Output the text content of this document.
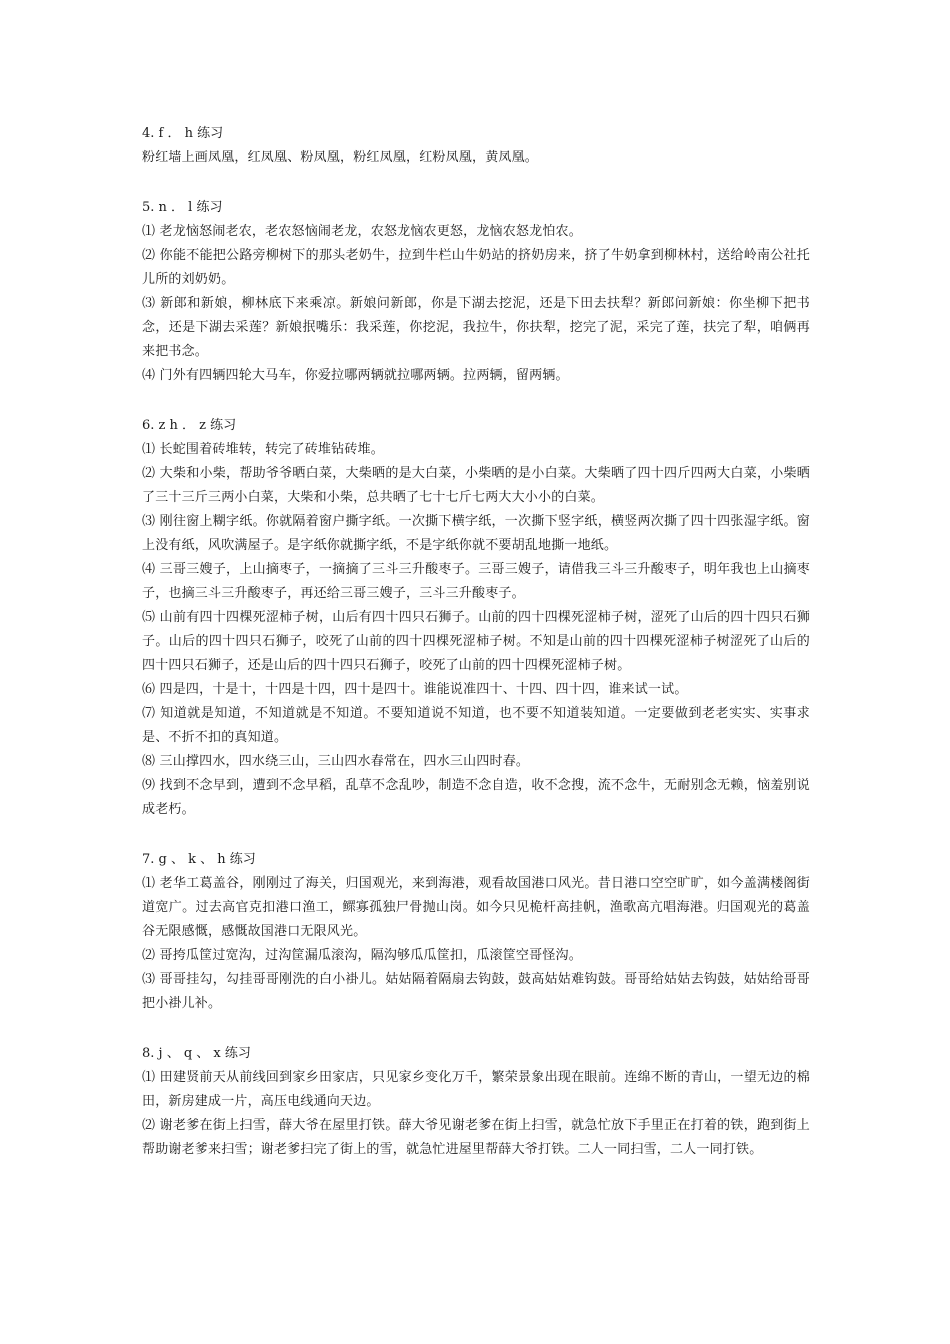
4. f ． h 练习

粉红墙上画凤凰，红凤凰、粉凤凰，粉红凤凰，红粉凤凰，黄凤凰。

5. n ． l 练习

⑴ 老龙恼怒闹老农，老农怒恼闹老龙，农怒龙恼农更怒，龙恼农怒龙怕农。

⑵ 你能不能把公路旁柳树下的那头老奶牛，拉到牛栏山牛奶站的挤奶房来，挤了牛奶拿到柳林村，送给岭南公社托儿所的刘奶奶。

⑶ 新郎和新娘，柳林底下来乘凉。新娘问新郎，你是下湖去挖泥，还是下田去扶犁？新郎问新娘：你坐柳下把书念，还是下湖去采莲？新娘抿嘴乐：我采莲，你挖泥，我拉牛，你扶犁，挖完了泥，采完了莲，扶完了犁，咱俩再来把书念。

⑷ 门外有四辆四轮大马车，你爱拉哪两辆就拉哪两辆。拉两辆，留两辆。

6. z h ． z 练习

⑴ 长蛇围着砖堆转，转完了砖堆钻砖堆。

⑵ 大柴和小柴，帮助爷爷晒白菜，大柴晒的是大白菜，小柴晒的是小白菜。大柴晒了四十四斤四两大白菜，小柴晒了三十三斤三两小白菜，大柴和小柴，总共晒了七十七斤七两大大小小的白菜。

⑶ 刚往窗上糊字纸。你就隔着窗户撕字纸。一次撕下横字纸，一次撕下竖字纸，横竖两次撕了四十四张湿字纸。窗上没有纸，风吹满屋子。是字纸你就撕字纸，不是字纸你就不要胡乱地撕一地纸。

⑷ 三哥三嫂子，上山摘枣子，一摘摘了三斗三升酸枣子。三哥三嫂子，请借我三斗三升酸枣子，明年我也上山摘枣子，也摘三斗三升酸枣子，再还给三哥三嫂子，三斗三升酸枣子。

⑸ 山前有四十四棵死涩柿子树，山后有四十四只石狮子。山前的四十四棵死涩柿子树，涩死了山后的四十四只石狮子。山后的四十四只石狮子，咬死了山前的四十四棵死涩柿子树。不知是山前的四十四棵死涩柿子树涩死了山后的四十四只石狮子，还是山后的四十四只石狮子，咬死了山前的四十四棵死涩柿子树。

⑹ 四是四，十是十，十四是十四，四十是四十。谁能说准四十、十四、四十四，谁来试一试。

⑺ 知道就是知道，不知道就是不知道。不要知道说不知道，也不要不知道装知道。一定要做到老老实实、实事求是、不折不扣的真知道。

⑻ 三山撑四水，四水绕三山，三山四水春常在，四水三山四时春。

⑼ 找到不念早到，遭到不念早稻，乱草不念乱吵，制造不念自造，收不念搜，流不念牛，无耐别念无赖，恼羞别说成老朽。

7. g 、 k 、 h 练习

⑴ 老华工葛盖谷，刚刚过了海关，归国观光，来到海港，观看故国港口风光。昔日港口空空旷旷，如今盖满楼阁街道宽广。过去高官克扣港口渔工，鳏寡孤独尸骨抛山岗。如今只见桅杆高挂帆，渔歌高亢唱海港。归国观光的葛盖谷无限感慨，感慨故国港口无限风光。

⑵ 哥挎瓜筐过宽沟，过沟筐漏瓜滚沟，隔沟够瓜瓜筐扣，瓜滚筐空哥怪沟。

⑶ 哥哥挂勾，勾挂哥哥刚洗的白小褂儿。姑姑隔着隔扇去钩鼓，鼓高姑姑难钩鼓。哥哥给姑姑去钩鼓，姑姑给哥哥把小褂儿补。

8. j 、 q 、 x 练习

⑴ 田建贤前天从前线回到家乡田家店，只见家乡变化万千，繁荣景象出现在眼前。连绵不断的青山，一望无边的棉田，新房建成一片，高压电线通向天边。

⑵ 谢老爹在街上扫雪，薛大爷在屋里打铁。薛大爷见谢老爹在街上扫雪，就急忙放下手里正在打着的铁，跑到街上帮助谢老爹来扫雪；谢老爹扫完了街上的雪，就急忙进屋里帮薛大爷打铁。二人一同扫雪，二人一同打铁。
